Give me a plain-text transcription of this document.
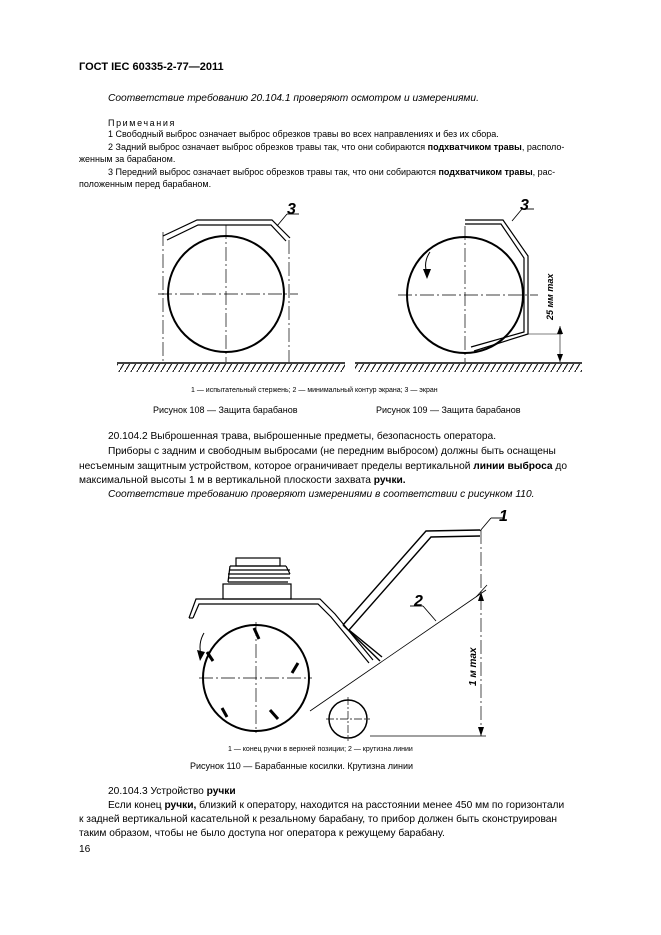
ГОСТ IEC 60335-2-77—2011
Соответствие требованию 20.104.1 проверяют осмотром и измерениями.
Примечания
1 Свободный выброс означает выброс обрезков травы во всех направлениях и без их сбора.
2 Задний выброс означает выброс обрезков травы так, что они собираются подхватчиком травы, располо-
женным за барабаном.
3 Передний выброс означает выброс обрезков травы так, что они собираются подхватчиком травы, рас-
положенным перед барабаном.
3	3
25 мм max
1 — испытательный стержень; 2 — минимальный контур экрана; 3 — экран
Рисунок 108 — Защита барабанов	Рисунок 109 — Защита барабанов
20.104.2 Выброшенная трава, выброшенные предметы, безопасность оператора.
Приборы с задним и свободным выбросами (не передним выбросом) должны быть оснащены
несъемным защитным устройством, которое ограничивает пределы вертикальной линии выброса до
максимальной высоты 1 м в вертикальной плоскости захвата ручки.
Соответствие требованию проверяют измерениями в соответствии с рисунком 110.
1
2
1 м max
1 — конец ручки в верхней позиции; 2 — крутизна линии
Рисунок 110 — Барабанные косилки. Крутизна линии
20.104.3 Устройство ручки
Если конец ручки, близкий к оператору, находится на расстоянии менее 450 мм по горизонтали
к задней вертикальной касательной к резальному барабану, то прибор должен быть сконструирован
таким образом, чтобы не было доступа ног оператора к режущему барабану.
16
